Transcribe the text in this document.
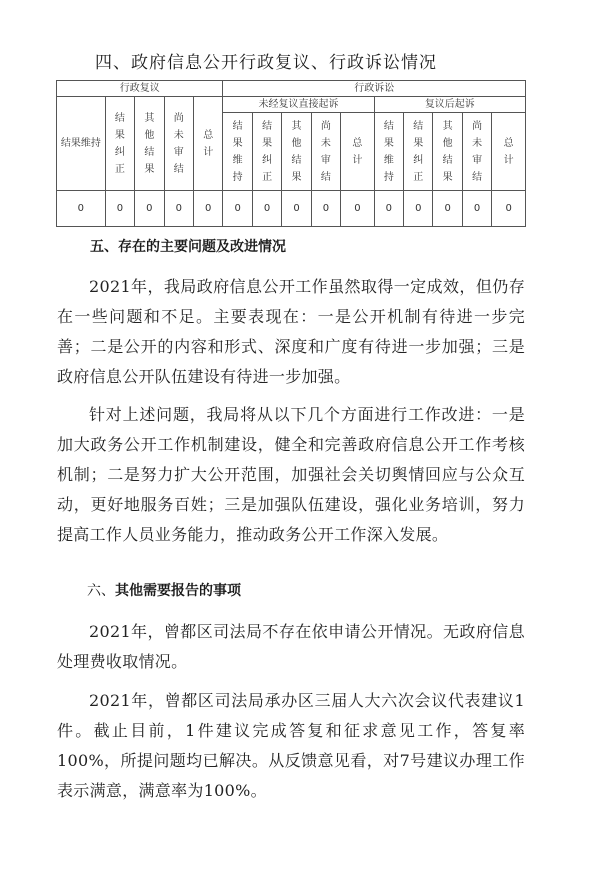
四、政府信息公开行政复议、行政诉讼情况
行政复议					行政诉讼									
结果维持	结果纠正	其他结果	尚未审结	总计	未经复议直接起诉					复议后起诉				
					结果维持	结果纠正	其他结果	尚未审结	总计	结果维持	结果纠正	其他结果	尚未审结	总计
0	0	0	0	0	0	0	0	0	0	0	0	0	0	0
五、存在的主要问题及改进情况

2021年，我局政府信息公开工作虽然取得一定成效，但仍存在一些问题和不足。主要表现在：一是公开机制有待进一步完善；二是公开的内容和形式、深度和广度有待进一步加强；三是政府信息公开队伍建设有待进一步加强。

针对上述问题，我局将从以下几个方面进行工作改进：一是加大政务公开工作机制建设，健全和完善政府信息公开工作考核机制；二是努力扩大公开范围，加强社会关切舆情回应与公众互动，更好地服务百姓；三是加强队伍建设，强化业务培训，努力提高工作人员业务能力，推动政务公开工作深入发展。

六、其他需要报告的事项

2021年，曾都区司法局不存在依申请公开情况。无政府信息处理费收取情况。

2021年，曾都区司法局承办区三届人大六次会议代表建议1件。截止目前，1件建议完成答复和征求意见工作，答复率100%，所提问题均已解决。从反馈意见看，对7号建议办理工作表示满意，满意率为100%。
